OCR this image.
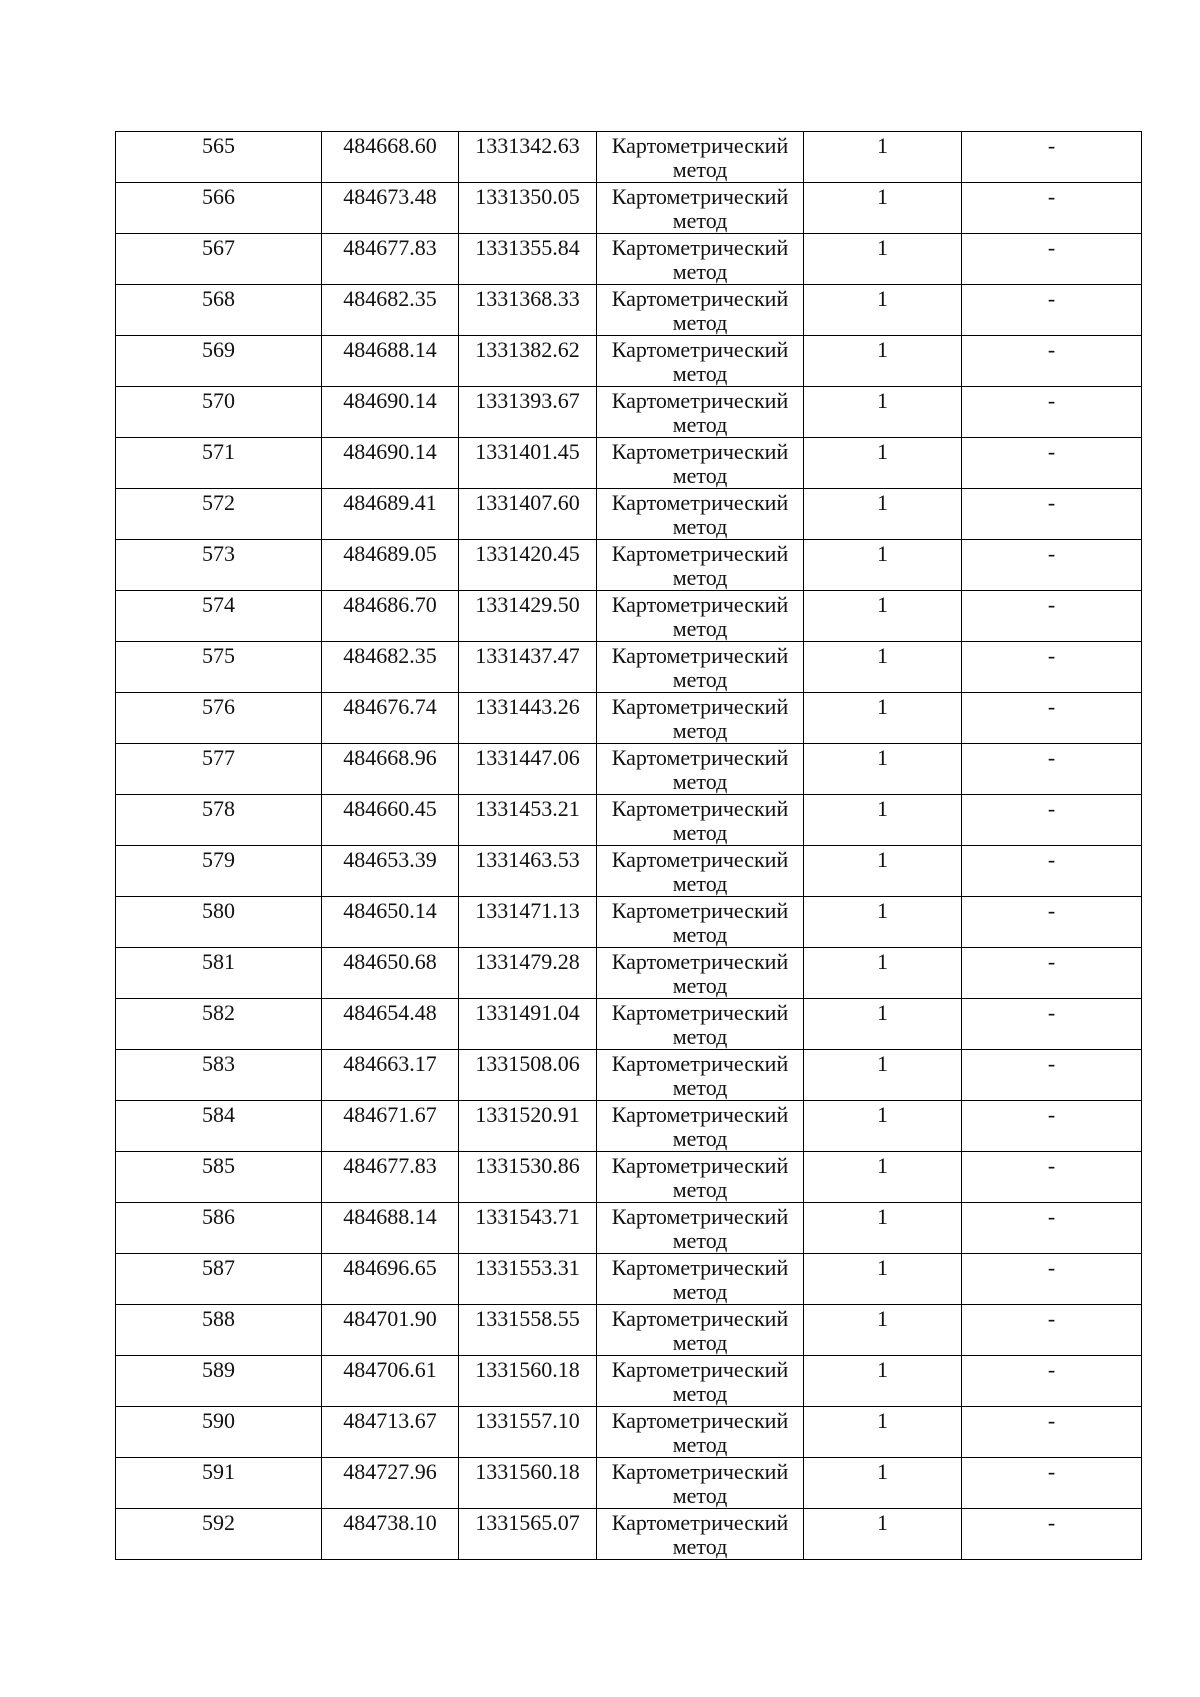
565	484668.60	1331342.63	Картометрический метод	1	-

566	484673.48	1331350.05	Картометрический метод	1	-

567	484677.83	1331355.84	Картометрический метод	1	-

568	484682.35	1331368.33	Картометрический метод	1	-

569	484688.14	1331382.62	Картометрический метод	1	-

570	484690.14	1331393.67	Картометрический метод	1	-

571	484690.14	1331401.45	Картометрический метод	1	-

572	484689.41	1331407.60	Картометрический метод	1	-

573	484689.05	1331420.45	Картометрический метод	1	-

574	484686.70	1331429.50	Картометрический метод	1	-

575	484682.35	1331437.47	Картометрический метод	1	-

576	484676.74	1331443.26	Картометрический метод	1	-

577	484668.96	1331447.06	Картометрический метод	1	-

578	484660.45	1331453.21	Картометрический метод	1	-

579	484653.39	1331463.53	Картометрический метод	1	-

580	484650.14	1331471.13	Картометрический метод	1	-

581	484650.68	1331479.28	Картометрический метод	1	-

582	484654.48	1331491.04	Картометрический метод	1	-

583	484663.17	1331508.06	Картометрический метод	1	-

584	484671.67	1331520.91	Картометрический метод	1	-

585	484677.83	1331530.86	Картометрический метод	1	-

586	484688.14	1331543.71	Картометрический метод	1	-

587	484696.65	1331553.31	Картометрический метод	1	-

588	484701.90	1331558.55	Картометрический метод	1	-

589	484706.61	1331560.18	Картометрический метод	1	-

590	484713.67	1331557.10	Картометрический метод	1	-

591	484727.96	1331560.18	Картометрический метод	1	-

592	484738.10	1331565.07	Картометрический метод	1	-
